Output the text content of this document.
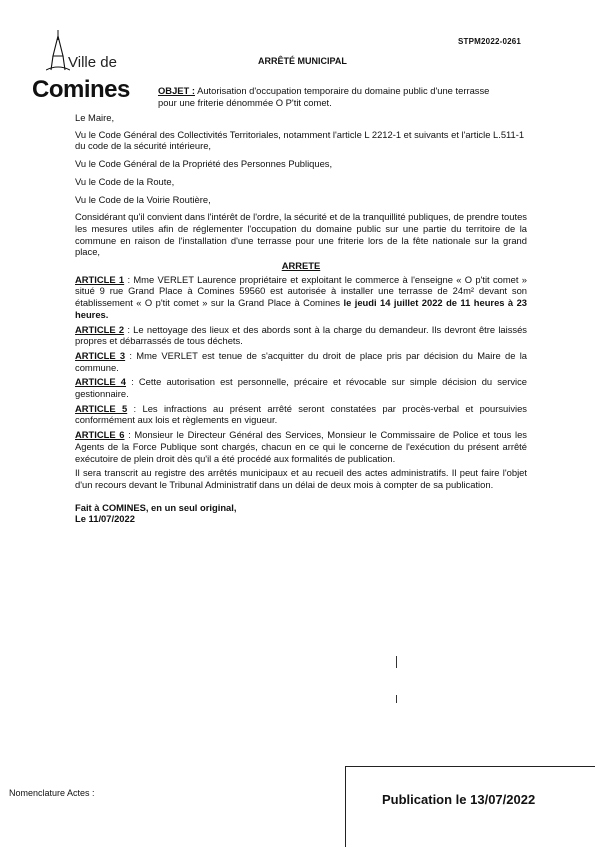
STPM2022-0261
Ville de
Comines
ARRÊTÉ MUNICIPAL
OBJET : Autorisation d'occupation temporaire du domaine public d'une terrasse pour une friterie dénommée O P'tit comet.

Le Maire,

Vu le Code Général des Collectivités Territoriales, notamment l'article L 2212-1 et suivants et l'article L.511-1 du code de la sécurité intérieure,

Vu le Code Général de la Propriété des Personnes Publiques,

Vu le Code de la Route,

Vu le Code de la Voirie Routière,

Considérant qu'il convient dans l'intérêt de l'ordre, la sécurité et de la tranquillité publiques, de prendre toutes les mesures utiles afin de réglementer l'occupation du domaine public sur une partie du territoire de la commune en raison de l'installation d'une terrasse pour une friterie lors de la fête nationale sur la grand place,

ARRETE

ARTICLE 1 : Mme VERLET Laurence propriétaire et exploitant le commerce à l'enseigne « O p'tit comet » situé 9 rue Grand Place à Comines 59560 est autorisée à installer une terrasse de 24m² devant son établissement « O p'tit comet » sur la Grand Place à Comines le jeudi 14 juillet 2022 de 11 heures à 23 heures.

ARTICLE 2 : Le nettoyage des lieux et des abords sont à la charge du demandeur. Ils devront être laissés propres et débarrassés de tous déchets.

ARTICLE 3 : Mme VERLET est tenue de s'acquitter du droit de place pris par décision du Maire de la commune.

ARTICLE 4 : Cette autorisation est personnelle, précaire et révocable sur simple décision du service gestionnaire.

ARTICLE 5 : Les infractions au présent arrêté seront constatées par procès-verbal et poursuivies conformément aux lois et règlements en vigueur.

ARTICLE 6 : Monsieur le Directeur Général des Services, Monsieur le Commissaire de Police et tous les Agents de la Force Publique sont chargés, chacun en ce qui le concerne de l'exécution du présent arrêté exécutoire de plein droit dès qu'il a été procédé aux formalités de publication.

Il sera transcrit au registre des arrêtés municipaux et au recueil des actes administratifs. Il peut faire l'objet d'un recours devant le Tribunal Administratif dans un délai de deux mois à compter de sa publication.

Fait à COMINES, en un seul original,

Le 11/07/2022

Nomenclature Actes :	Publication le 13/07/2022
